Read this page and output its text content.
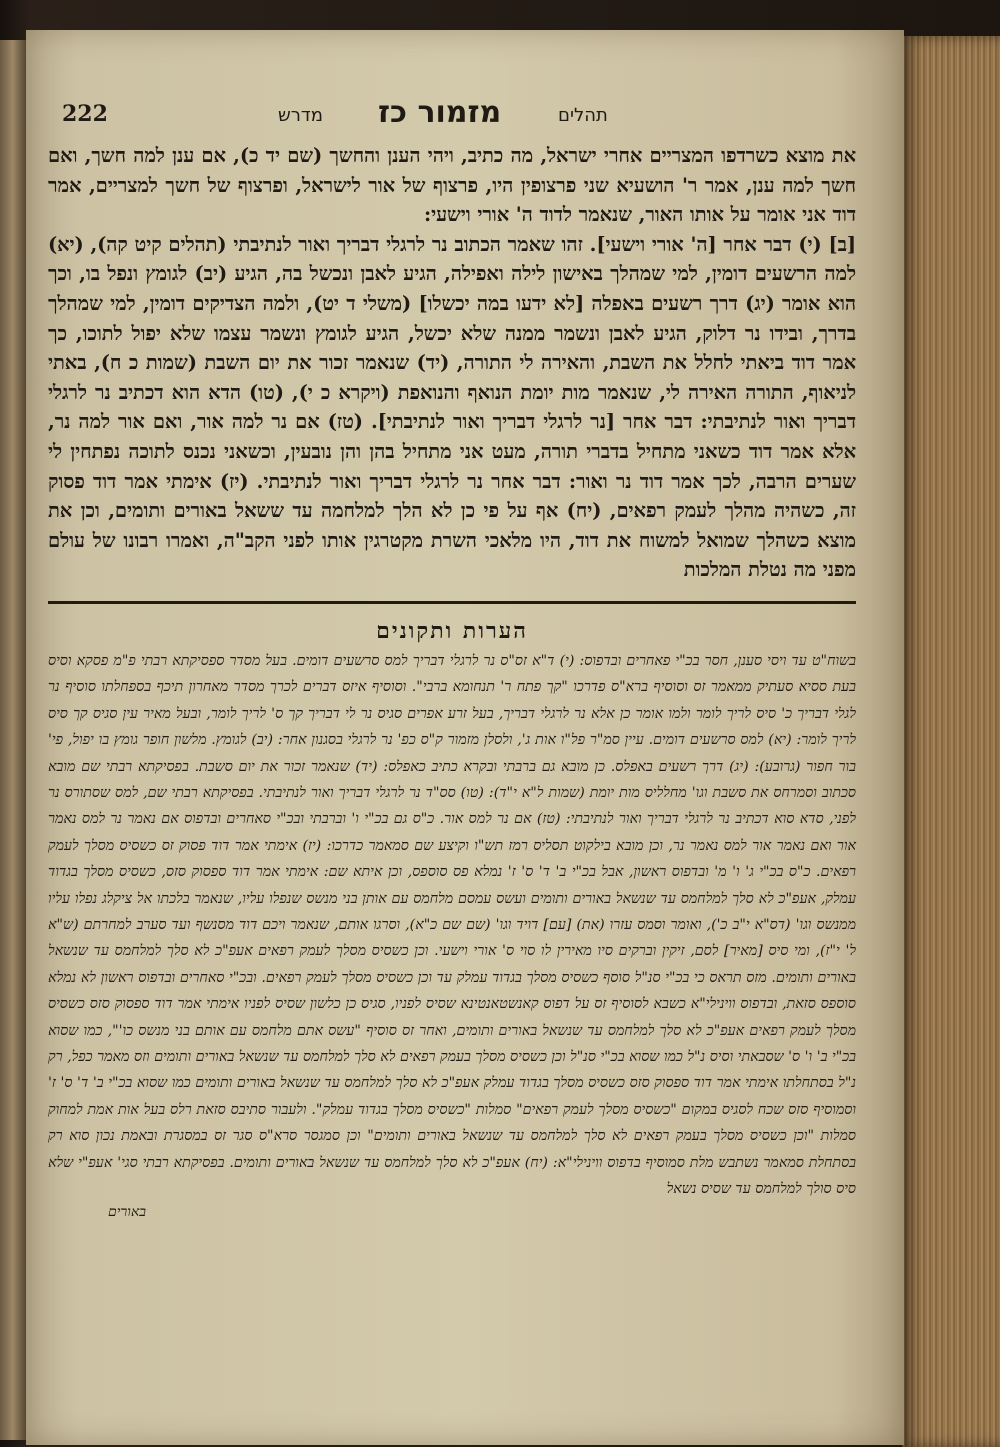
תהלים
מזמור כז
מדרש
222

את מוצא כשרדפו המצריים אחרי ישראל, מה כתיב, ויהי הענן והחשך (שם יד כ), אם ענן למה חשך, ואם חשך למה ענן, אמר ר' הושעיא שני פרצופין היו, פרצוף של אור לישראל, ופרצוף של חשך למצריים, אמר דוד אני אומר על אותו האור, שנאמר לדוד ה' אורי וישעי:

[ב] (י) דבר אחר [ה' אורי וישעי]. זהו שאמר הכתוב נר לרגלי דבריך ואור לנתיבתי (תהלים קיט קה), (יא) למה הרשעים דומין, למי שמהלך באישון לילה ואפילה, הגיע לאבן ונכשל בה, הגיע (יב) לגומץ ונפל בו, וכך הוא אומר (יג) דרך רשעים באפלה [לא ידעו במה יכשלו] (משלי ד יט), ולמה הצדיקים דומין, למי שמהלך בדרך, ובידו נר דלוק, הגיע לאבן ונשמר ממנה שלא יכשל, הגיע לגומץ ונשמר עצמו שלא יפול לתוכו, כך אמר דוד ביאתי לחלל את השבת, והאירה לי התורה, (יד) שנאמר זכור את יום השבת (שמות כ ח), באתי לניאוף, התורה האירה לי, שנאמר מות יומת הנואף והנואפת (ויקרא כ י), (טו) הדא הוא דכתיב נר לרגלי דבריך ואור לנתיבתי: דבר אחר [נר לרגלי דבריך ואור לנתיבתי]. (טז) אם נר למה אור, ואם אור למה נר, אלא אמר דוד כשאני מתחיל בדברי תורה, מעט אני מתחיל בהן והן נובעין, וכשאני נכנס לתוכה נפתחין לי שערים הרבה, לכך אמר דוד נר ואור: דבר אחר נר לרגלי דבריך ואור לנתיבתי. (יז) אימתי אמר דוד פסוק זה, כשהיה מהלך לעמק רפאים, (יח) אף על פי כן לא הלך למלחמה עד ששאל באורים ותומים, וכן את מוצא כשהלך שמואל למשוח את דוד, היו מלאכי השרת מקטרגין אותו לפני הקב"ה, ואמרו רבונו של עולם מפני מה נטלת המלכות

הערות ותקונים

בשוח"ט עד ויסי סענן, חסר בכ"י פאחרים ובדפוס: (י) ד"א זס"ס נר לרגלי דבריך למס סרשעים דומים. בעל מסדר ספסיקתא רבתי פ"מ פסקא וסיס בעת ססיא סעתיק ממאמר זס וסוסיף ברא"ס פדרכו "קך פתח ר' תנחומא ברבי". וסוסיף איזס דברים לכרך מסדר מאחרון תיכף בספחלתו סוסיף נר לגלי דבריך כ' סיס לריך לומר ולמו אומר כן אלא נר לרגלי דבריך, בעל זרע אפרים סגיס נר לי דבריך קך ס' לריך לומר, ובעל מאיר עין סגיס קך סיס לריך לומר: (יא) למס סרשעים דומים. עיין סמ"ר פל"ו אות ג', ולסלן מזמור ק"ס כפ' נר לרגלי בסגנון אחר: (יב) לגומץ. מלשון חופר גומץ בו יפול, פי' בור חפור (גרובע): (יג) דרך רשעים באפלס. כן מובא גם ברבתי ובקרא כתיב כאפלס: (יד) שנאמר זכור את יום סשבת. בפסיקתא רבתי שם מובא סכתוב וסמרחס את סשבת וגו' מחלליס מות יומת (שמות ל"א י"ד): (טו) סס"ד נר לרגלי דבריך ואור לנתיבתי. בפסיקתא רבתי שם, למס שסתורס נר לפני, סדא סוא דכתיב נר לרגלי דבריך ואור לנתיבתי: (טז) אם נר למס אור. כ"ס גם בכ"י ו' וברבתי ובכ"י סאחרים ובדפוס אם נאמר נר למס נאמר אור ואם נאמר אור למס נאמר נר, וכן מובא בילקוט תסליס רמז תש"ו וקיצע שם סמאמר כדרכו: (יז) אימתי אמר דוד פסוק זס כשסיס מסלך לעמק רפאים. כ"ס בכ"י ג' ו' מ' ובדפוס ראשון, אבל בכ"י ב' ד' ס' ז' נמלא פס סוספס, וכן איתא שם: אימתי אמר דוד ספסוק סזס, כשסיס מסלך בגדוד עמלק, אעפ"כ לא סלך למלחמס עד שנשאל באורים ותומים ועשס עמסם מלחמס עם אותן בני מנשס שנפלו עליו, שנאמר בלכתו אל ציקלג נפלו עליו ממנשס וגו' (דס"א י"ב כ'), ואומר וסמס עזרו (את) [עם] דויד וגו' (שם שם כ"א), וסרגו אותם, שנאמר ויכם דוד מסנשף ועד סערב למחרתם (ש"א ל' י"ז), ומי סיס [מאיר] לסם, זיקין וברקים סיו מאירין לו סוי ס' אורי וישעי. וכן כשסיס מסלך לעמק רפאים אעפ"כ לא סלך למלחמס עד שנשאל באורים ותומים. מזס תראס כי בכ"י סנ"ל סוסף כשסיס מסלך בגדוד עמלק עד וכן כשסיס מסלך לעמק רפאים. ובכ"י סאחרים ובדפוס ראשון לא נמלא סוספס סזאת, ובדפוס ווינילי"א כשבא לסוסיף זס על דפוס קאנשטאנטינא שסיס לפניו, סגיס כן כלשון שסיס לפניו אימתי אמר דוד ספסוק סזס כשסיס מסלך לעמק רפאים אעפ"כ לא סלך למלחמס עד שנשאל באורים ותומים, ואחר זס סוסיף "עשס אתם מלחמס עם אותם בני מנשס כו'", כמו שסוא בכ"י ב' ו' ס' שסבאתי וסיס נ"ל כמו שסוא בכ"י סנ"ל וכן כשסיס מסלך בעמק רפאים לא סלך למלחמס עד שנשאל באורים ותומים וזס מאמר כפל, רק נ"ל בסתחלתו אימתי אמר דוד ספסוק סזס כשסיס מסלך בגדוד עמלק אעפ"כ לא סלך למלחמס עד שנשאל באורים ותומים כמו שסוא בכ"י ב' ד' ס' ז' וסמוסיף סזס שכח לסגיס במקום "כשסיס מסלך לעמק רפאים" סמלות "כשסיס מסלך בגדוד עמלק". ולעבור סתיבס סזאת רלס בעל אות אמת למחוק סמלות "וכן כשסיס מסלך בעמק רפאים לא סלך למלחמס עד שנשאל באורים ותומים" וכן סמגסר סרא"ס סגר זס במסגרת ובאמת נכון סוא רק בסתחלת סמאמר נשתבש מלת סמוסיף בדפוס ווינילי"א: (יח) אעפ"כ לא סלך למלחמס עד שנשאל באורים ותומים. בפסיקתא רבתי סגי' אעפ"י שלא סיס סולך למלחמס עד שסיס נשאל

באורים
